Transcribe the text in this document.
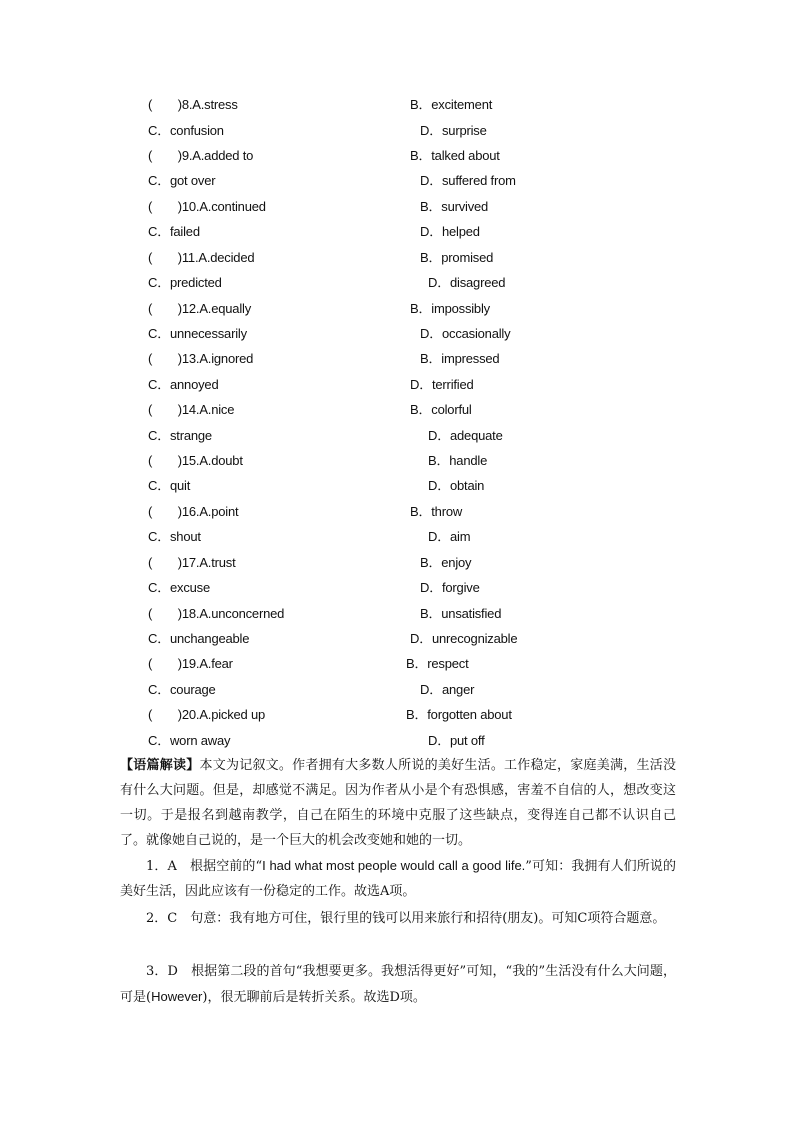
(　　)8.A.stress	B．excitement
C．confusion	D．surprise
(　　)9.A.added to	B．talked about
C．got over	D．suffered from
(　　)10.A.continued	B．survived
C．failed	D．helped
(　　)11.A.decided	B．promised
C．predicted	D．disagreed
(　　)12.A.equally	B．impossibly
C．unnecessarily	D．occasionally
(　　)13.A.ignored	B．impressed
C．annoyed	D．terrified
(　　)14.A.nice	B．colorful
C．strange	D．adequate
(　　)15.A.doubt	B．handle
C．quit	D．obtain
(　　)16.A.point	B．throw
C．shout	D．aim
(　　)17.A.trust	B．enjoy
C．excuse	D．forgive
(　　)18.A.unconcerned	B．unsatisfied
C．unchangeable	D．unrecognizable
(　　)19.A.fear	B．respect
C．courage	D．anger
(　　)20.A.picked up	B．forgotten about
C．worn away	D．put off

【语篇解读】本文为记叙文。作者拥有大多数人所说的美好生活。工作稳定，家庭美满，生活没有什么大问题。但是，却感觉不满足。因为作者从小是个有恐惧感，害羞不自信的人，想改变这一切。于是报名到越南教学，自己在陌生的环境中克服了这些缺点，变得连自己都不认识自己了。就像她自己说的，是一个巨大的机会改变她和她的一切。

1．A　 根据空前的“I had what most people would call a good life.”可知：我拥有人们所说的美好生活，因此应该有一份稳定的工作。故选A项。

2．C　 句意：我有地方可住，银行里的钱可以用来旅行和招待(朋友)。可知C项符合题意。

3．D　 根据第二段的首句“我想要更多。我想活得更好”可知，“我的”生活没有什么大问题，可是(However)，很无聊前后是转折关系。故选D项。
